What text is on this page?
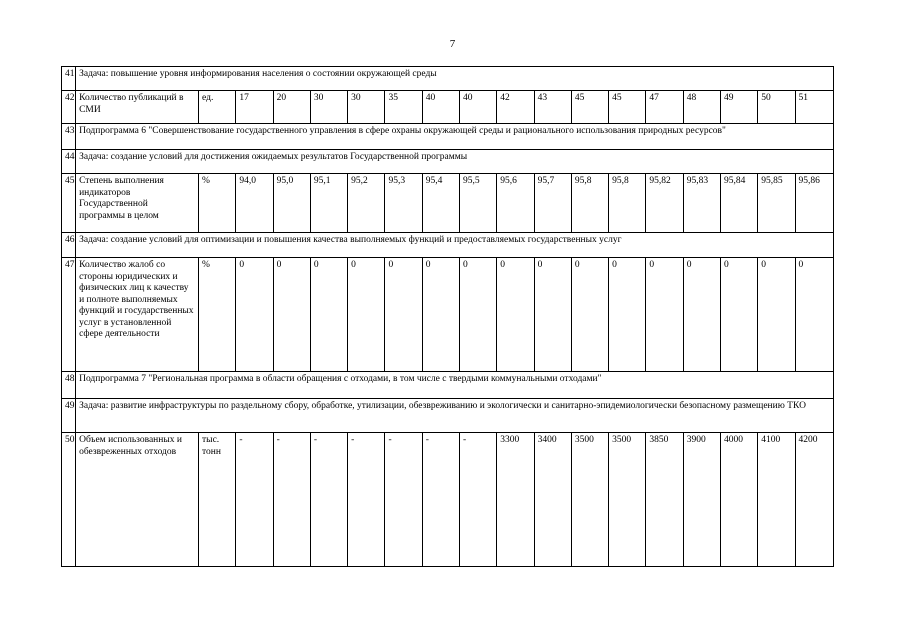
7
41	Задача: повышение уровня информирования населения о состоянии окружающей среды																	
42	Количество публикаций в СМИ	ед.	17	20	30	30	35	40	40	42	43	45	45	47	48	49	50	51
43	Подпрограмма 6 "Совершенствование государственного управления в сфере охраны окружающей среды и рационального использования природных ресурсов"																	
44	Задача: создание условий для достижения ожидаемых результатов Государственной программы																	
45	Степень выполнения индикаторов Государственной программы в целом	%	94,0	95,0	95,1	95,2	95,3	95,4	95,5	95,6	95,7	95,8	95,8	95,82	95,83	95,84	95,85	95,86
46	Задача: создание условий для оптимизации и повышения качества выполняемых функций и предоставляемых государственных услуг																	
47	Количество жалоб со стороны юридических и физических лиц к качеству и полноте выполняемых функций и государственных услуг в установленной сфере деятельности	%	0	0	0	0	0	0	0	0	0	0	0	0	0	0	0	0
48	Подпрограмма 7 "Региональная программа в области обращения с отходами, в том числе с твердыми коммунальными отходами"																	
49	Задача: развитие инфраструктуры по раздельному сбору, обработке, утилизации, обезвреживанию и экологически и санитарно-эпидемиологически безопасному размещению ТКО																	
50	Объем использованных и обезвреженных отходов	тыс. тонн	-	-	-	-	-	-	-	3300	3400	3500	3500	3850	3900	4000	4100	4200
